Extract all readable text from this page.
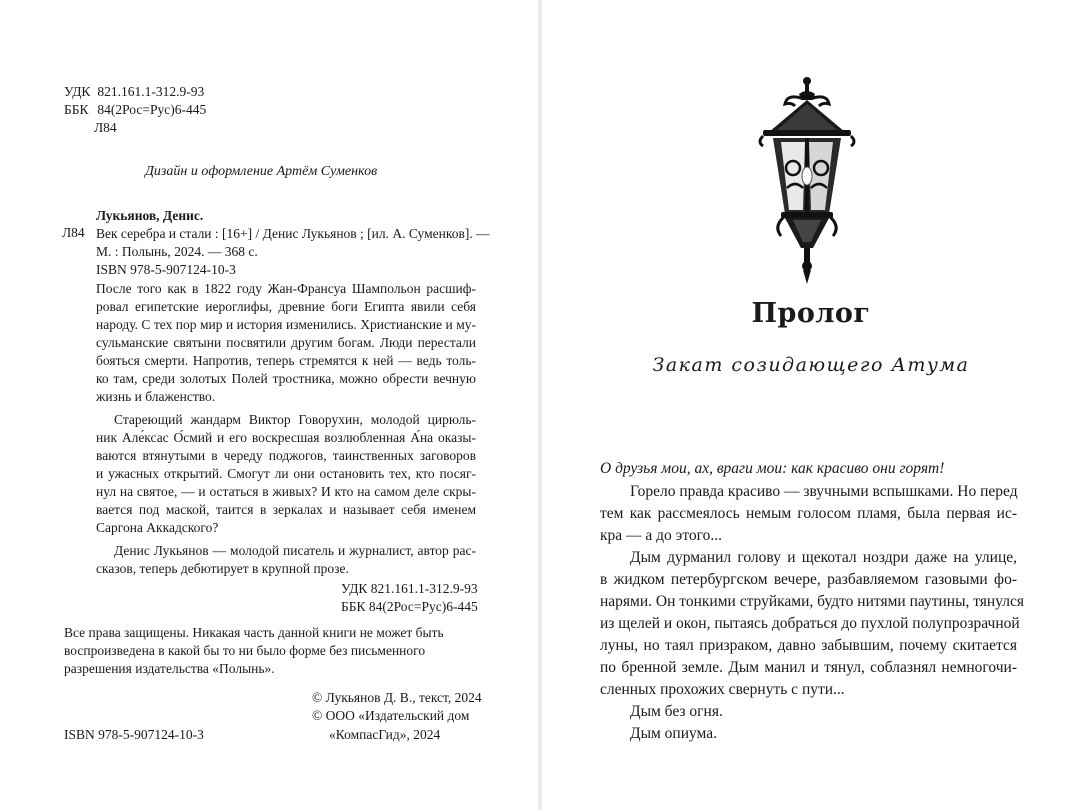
УДК 821.161.1-312.9-93
ББК 84(2Рос=Рус)6-445
Л84
Дизайн и оформление Артём Суменков
Лукьянов, Денис.
Л84 Век серебра и стали : [16+] / Денис Лукьянов ; [ил. А. Суменков]. —
М. : Полынь, 2024. — 368 с.
ISBN 978-5-907124-10-3
После того как в 1822 году Жан-Франсуа Шампольон расшиф-
ровал египетские иероглифы, древние боги Египта явили себя
народу. С тех пор мир и история изменились. Христианские и му-
сульманские святыни посвятили другим богам. Люди перестали
бояться смерти. Напротив, теперь стремятся к ней — ведь толь-
ко там, среди золотых Полей тростника, можно обрести вечную
жизнь и блаженство.
Стареющий жандарм Виктор Говорухин, молодой цирюль-
ник Але́ксас О́смий и его воскресшая возлюбленная А́на оказы-
ваются втянутыми в череду поджогов, таинственных заговоров
и ужасных открытий. Смогут ли они остановить тех, кто посяг-
нул на святое, — и остаться в живых? И кто на самом деле скры-
вается под маской, таится в зеркалах и называет себя именем
Саргона Аккадского?
Денис Лукьянов — молодой писатель и журналист, автор рас-
сказов, теперь дебютирует в крупной прозе.
УДК 821.161.1-312.9-93
ББК 84(2Рос=Рус)6-445
Все права защищены. Никакая часть данной книги не может быть
воспроизведена в какой бы то ни было форме без письменного
разрешения издательства «Полынь».
© Лукьянов Д. В., текст, 2024
© ООО «Издательский дом
ISBN 978-5-907124-10-3	«КомпасГид», 2024
Пролог
Закат созидающего Атума
О друзья мои, ах, враги мои: как красиво они горят!
Горело правда красиво — звучными вспышками. Но перед
тем как рассмеялось немым голосом пламя, была первая ис-
кра — а до этого...
Дым дурманил голову и щекотал ноздри даже на улице,
в жидком петербургском вечере, разбавляемом газовыми фо-
нарями. Он тонкими струйками, будто нитями паутины, тянулся
из щелей и окон, пытаясь добраться до пухлой полупрозрачной
луны, но таял призраком, давно забывшим, почему скитается
по бренной земле. Дым манил и тянул, соблазнял немногочи-
сленных прохожих свернуть с пути...
Дым без огня.
Дым опиума.
